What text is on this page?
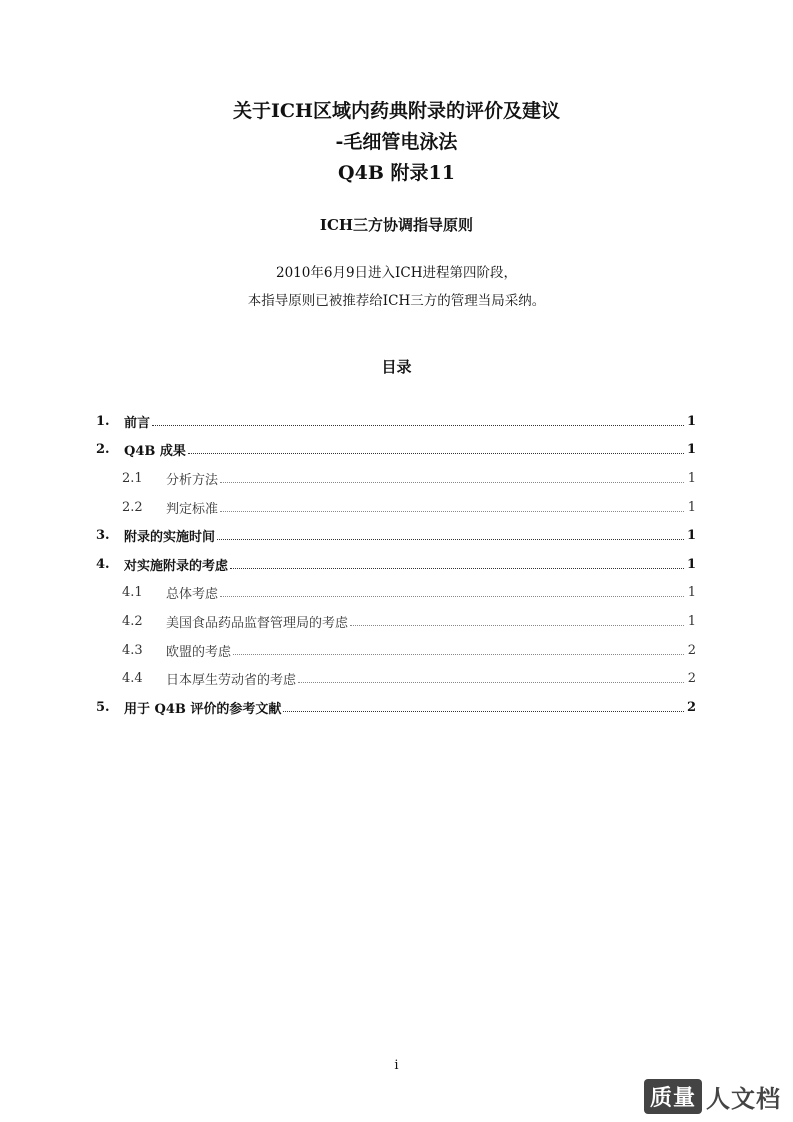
关于ICH区域内药典附录的评价及建议
-毛细管电泳法
Q4B 附录11
ICH三方协调指导原则
2010年6月9日进入ICH进程第四阶段，
本指导原则已被推荐给ICH三方的管理当局采纳。
目录
1.	前言	1
2.	Q4B 成果	1
2.1	分析方法	1
2.2	判定标准	1
3.	附录的实施时间	1
4.	对实施附录的考虑	1
4.1	总体考虑	1
4.2	美国食品药品监督管理局的考虑	1
4.3	欧盟的考虑	2
4.4	日本厚生劳动省的考虑	2
5.	用于 Q4B 评价的参考文献	2
i
质量 人文档
